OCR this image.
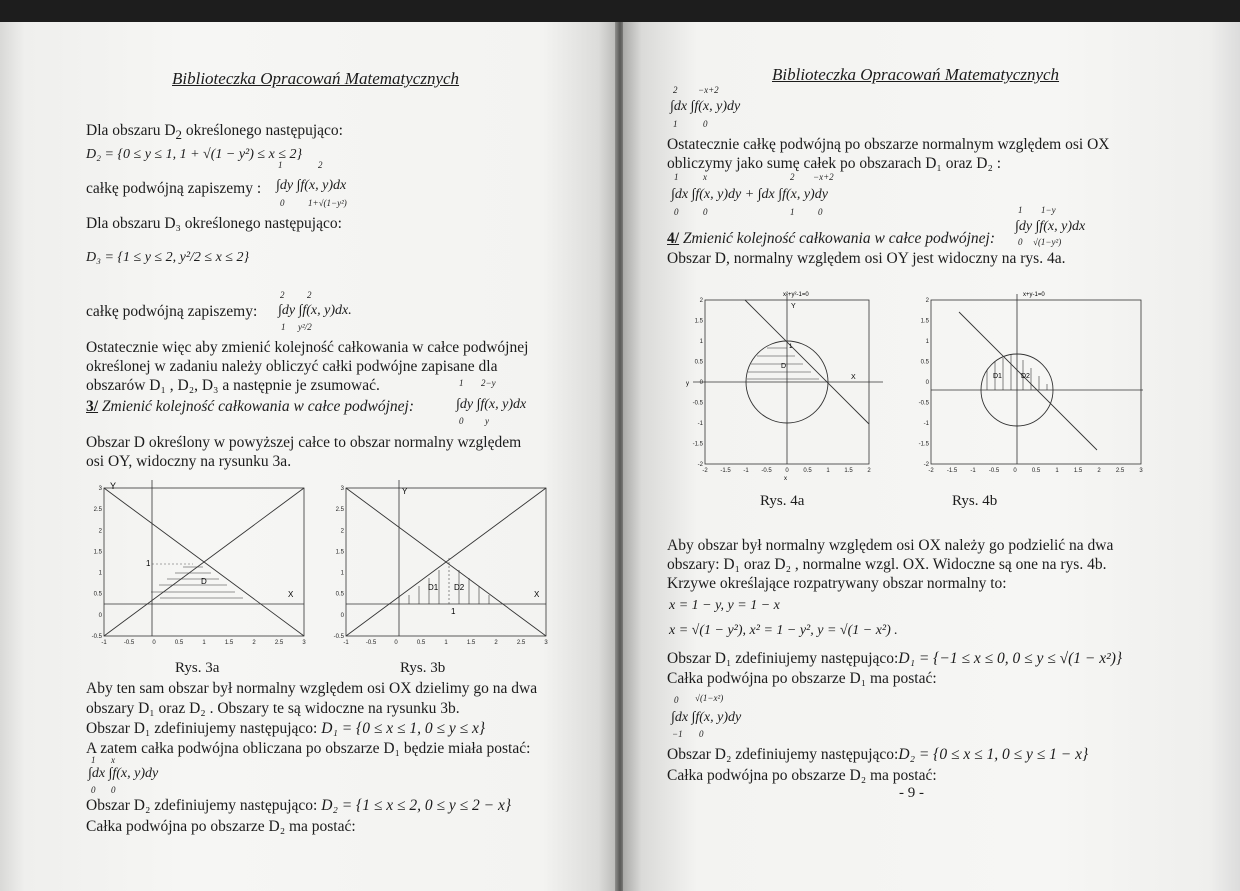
Biblioteczka Opracowań Matematycznych
Dla obszaru $D_2$ określonego następująco:
D₂ = {0 ≤ y ≤ 1, 1 + √(1 − y²) ≤ x ≤ 2}
całkę podwójną zapiszemy :
1	2
∫dy ∫f(x, y)dx
0	1+√(1−y²)
Dla obszaru D₃ określonego następująco:
D₃ = {1 ≤ y ≤ 2, y²/2 ≤ x ≤ 2}
całkę podwójną zapiszemy:
2	2
∫dy ∫f(x, y)dx.
1 y²/2
Ostatecznie więc aby zmienić kolejność całkowania w całce podwójnej
określonej w zadaniu należy obliczyć całki podwójne zapisane dla
obszarów D₁ , D₂, D₃ a następnie je zsumować.
3/ Zmienić kolejność całkowania w całce podwójnej:
1 2−y
∫dy ∫f(x, y)dx
0 y
Obszar D określony w powyższej całce to obszar normalny względem
osi OY, widoczny na rysunku 3a.
3
2.5
2
1.5
1
0.5
0
-0.5
-1	-0.5	0	0.5	1	1.5	2	2.5	3
Y
X
D
1
3
2.5
2
1.5
1
0.5
0
-0.5
-1	-0.5	0	0.5	1	1.5	2	2.5	3
Y
X
D1 D2
1
Rys. 3a	Rys. 3b
Aby ten sam obszar był normalny względem osi OX dzielimy go na dwa
obszary D₁ oraz D₂ . Obszary te są widoczne na rysunku 3b.
Obszar D₁ zdefiniujemy następująco: D₁ = {0 ≤ x ≤ 1, 0 ≤ y ≤ x}
A zatem całka podwójna obliczana po obszarze D₁ będzie miała postać:
1 x
∫dx ∫f(x, y)dy
0 0
Obszar D₂ zdefiniujemy następująco: D₂ = {1 ≤ x ≤ 2, 0 ≤ y ≤ 2 − x}
Całka podwójna po obszarze D₂ ma postać:
Biblioteczka Opracowań Matematycznych
2 −x+2
∫dx ∫f(x, y)dy
1	0
Ostatecznie całkę podwójną po obszarze normalnym względem osi OX
obliczymy jako sumę całek po obszarach D₁ oraz D₂ :
1	x	2 −x+2
∫dx ∫f(x, y)dy + ∫dx ∫f(x, y)dy
0	0	1	0	1 1−y
∫dy ∫f(x, y)dx
0 √(1−y²)
4/ Zmienić kolejność całkowania w całce podwójnej:
Obszar D, normalny względem osi OY jest widoczny na rys. 4a.
2
1.5
1
0.5
0
-0.5
-1
-1.5
-2
-2 -1.5 -1 -0.5 0 0.5 1 1.5 2
x²+y²-1=0
Y
X
D
1
y
x
2
1.5
1
0.5
0
-0.5
-1
-1.5
-2
-2 -1.5 -1 -0.5 0	0.5	1	1.5	2	2.5	3
x+y-1=0
D1	D2
Rys. 4a	Rys. 4b
Aby obszar był normalny względem osi OX należy go podzielić na dwa
obszary: D₁ oraz D₂ , normalne wzgl. OX. Widoczne są one na rys. 4b.
Krzywe określające rozpatrywany obszar normalny to:
x = 1 − y, y = 1 − x
x = √(1 − y²), x² = 1 − y², y = √(1 − x²) .
Obszar D₁ zdefiniujemy następująco:D₁ = {−1 ≤ x ≤ 0, 0 ≤ y ≤ √(1 − x²)}
Całka podwójna po obszarze D₁ ma postać:
0 √(1−x²)
∫dx ∫f(x, y)dy
−1 0
Obszar D₂ zdefiniujemy następująco:D₂ = {0 ≤ x ≤ 1, 0 ≤ y ≤ 1 − x}
Całka podwójna po obszarze D₂ ma postać:
- 9 -
